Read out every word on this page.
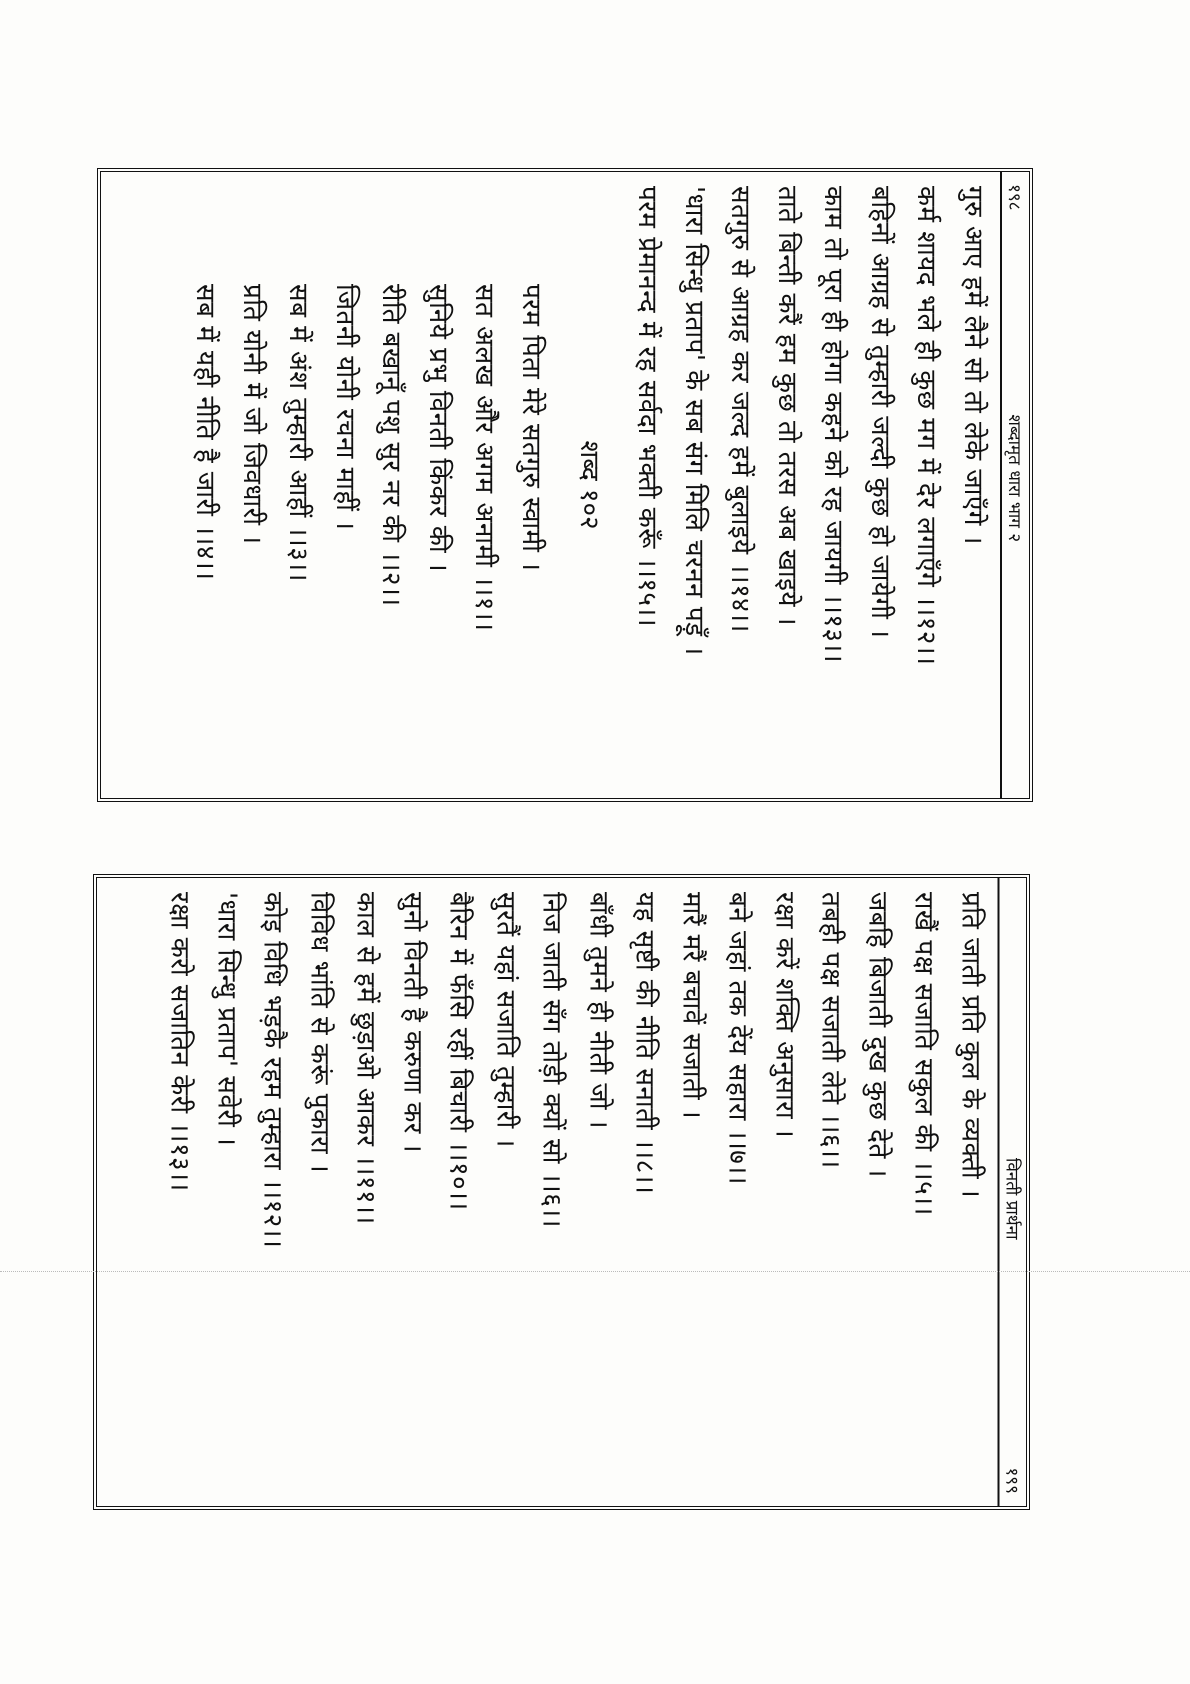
१९८
शब्दामृत धारा भाग २
गुरु आए हमें लैने सो तो लेके जाएँगे ।
कर्म शायद भले ही कुछ मग में देर लगाएँगे ।।१२।।
बहिनों आग्रह से तुम्हारी जल्दी कुछ हो जायेगी ।
काम तो पूरा ही होगा कहने को रह जायगी ।।१३।।
ताते बिन्ती करैं हम कुछ तो तरस अब खाइये ।
सतगुरु से आग्रह कर जल्द हमें बुलाइये ।।१४।।
'धारा सिन्धु प्रताप' के सब संग मिलि चरनन पड़ूँ ।
परम प्रेमानन्द में रह सर्वदा भक्ती करूँ ।।१५।।
शब्द १०२
परम पिता मेरे सतगुरु स्वामी ।
सत अलख औेर अगम अनामी ।।१।।
सुनिये प्रभु विनती किंकर की ।
रीति बखानूँ पशु सुर नर की ।।२।।
जितनी योनी रचना माहीं ।
सब में अंश तुम्हारी आहीं ।।३।।
प्रति योनी में जो जिवधारी ।
सब में यही नीति है जारी ।।४।।
विनती प्रार्थना
१९९
प्रति जाती प्रति कुल के व्यक्ती ।
राखैं पक्ष सजाति सकुल की ।।५।।
जबहि बिजाती दुख कुछ देते ।
तबही पक्ष सजाती लेते ।।६।।
रक्षा करें शक्ति अनुसारा ।
बने जहां तक देंय सहारा ।।७।।
मारैं मरैं बचावें सजाती ।
यह सृष्टी की नीति सनाती ।।८।।
बाँधी तुमने ही नीती जो ।
निज जाती सँग तोड़ी क्यों सो ।।६।।
सुरतैं यहां सजाति तुम्हारी ।
बैरिन में फँसि रहीं बिचारी ।।१०।।
सुनो विनती है करुणा कर ।
काल से हमें छुड़ाओ आकर ।।११।।
विविध भांति से करूं पुकारा ।
कोइ विधि भड़कै रहम तुम्हारा ।।१२।।
'धारा सिन्धु प्रताप' सवेरी ।
रक्षा करो सजातिन केरी ।।१३।।
